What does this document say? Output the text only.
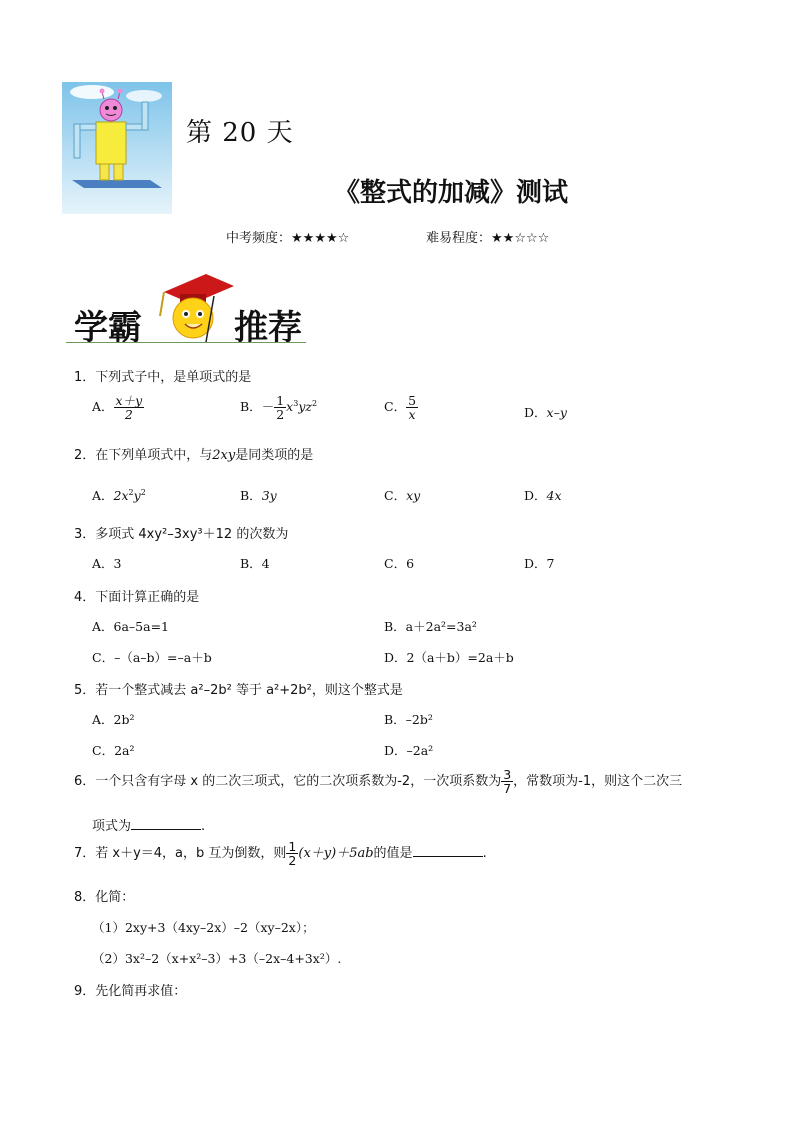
第 20 天
《整式的加减》测试
中考频度：★★★★☆	难易程度：★★☆☆☆
学霸	推荐
1．下列式子中，是单项式的是
A． $\frac{x+y}{2}$	B．－ $\frac{1}{2} x^3yz^2$	C． $\frac{5}{x}$	D．x–y
2．在下列单项式中，与2xy是同类项的是
A．$2x^2y^2$	B．3y	C．xy	D．4x
3．多项式 4xy²–3xy³＋12 的次数为
A．3	B．4	C．6	D．7
4．下面计算正确的是
A．6a–5a=1	B．a＋2a²=3a²
C．–（a–b）=–a＋b	D．2（a＋b）=2a＋b
5．若一个整式减去 a²–2b² 等于 a²+2b²，则这个整式是
A．2b²	B．–2b²
C．2a²	D．–2a²
6．一个只含有字母 x 的二次三项式，它的二次项系数为-2，一次项系数为 $\frac{3}{7}$ ，常数项为-1，则这个二次三
项式为	.
7．若 x＋y＝4，a，b 互为倒数，则 $\frac{1}{2} (x+y)+5ab$的值是	.
8．化简：
（1）2xy+3（4xy–2x）–2（xy–2x）；
（2）3x²–2（x+x²–3）+3（–2x–4+3x²）.
9．先化简再求值：
